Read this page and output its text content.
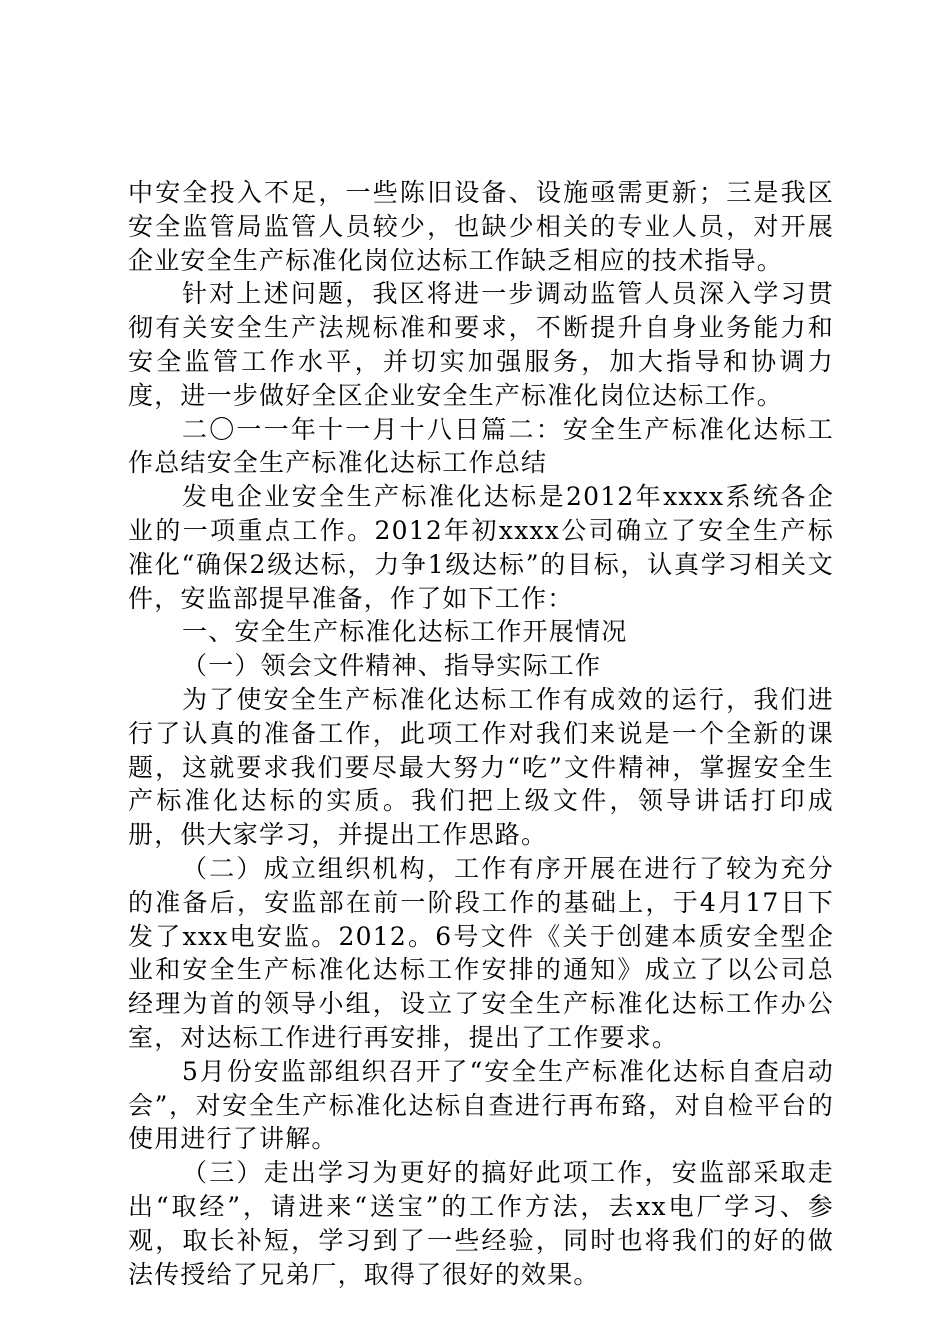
中安全投入不足，一些陈旧设备、设施亟需更新；三是我区安全监管局监管人员较少，也缺少相关的专业人员，对开展企业安全生产标准化岗位达标工作缺乏相应的技术指导。

针对上述问题，我区将进一步调动监管人员深入学习贯彻有关安全生产法规标准和要求，不断提升自身业务能力和安全监管工作水平，并切实加强服务，加大指导和协调力度，进一步做好全区企业安全生产标准化岗位达标工作。

二〇一一年十一月十八日篇二：安全生产标准化达标工作总结安全生产标准化达标工作总结

发电企业安全生产标准化达标是2012年xxxx系统各企业的一项重点工作。2012年初xxxx公司确立了安全生产标准化“确保2级达标，力争1级达标”的目标，认真学习相关文件，安监部提早准备，作了如下工作：

一、安全生产标准化达标工作开展情况

（一）领会文件精神、指导实际工作

为了使安全生产标准化达标工作有成效的运行，我们进行了认真的准备工作，此项工作对我们来说是一个全新的课题，这就要求我们要尽最大努力“吃”文件精神，掌握安全生产标准化达标的实质。我们把上级文件，领导讲话打印成册，供大家学习，并提出工作思路。

（二）成立组织机构，工作有序开展在进行了较为充分的准备后，安监部在前一阶段工作的基础上，于4月17日下发了xxx电安监。2012。6号文件《关于创建本质安全型企业和安全生产标准化达标工作安排的通知》成立了以公司总经理为首的领导小组，设立了安全生产标准化达标工作办公室，对达标工作进行再安排，提出了工作要求。

5月份安监部组织召开了“安全生产标准化达标自查启动会”，对安全生产标准化达标自查进行再布臵，对自检平台的使用进行了讲解。

（三）走出学习为更好的搞好此项工作，安监部采取走出“取经”，请进来“送宝”的工作方法，去xx电厂学习、参观，取长补短，学习到了一些经验，同时也将我们的好的做法传授给了兄弟厂，取得了很好的效果。
